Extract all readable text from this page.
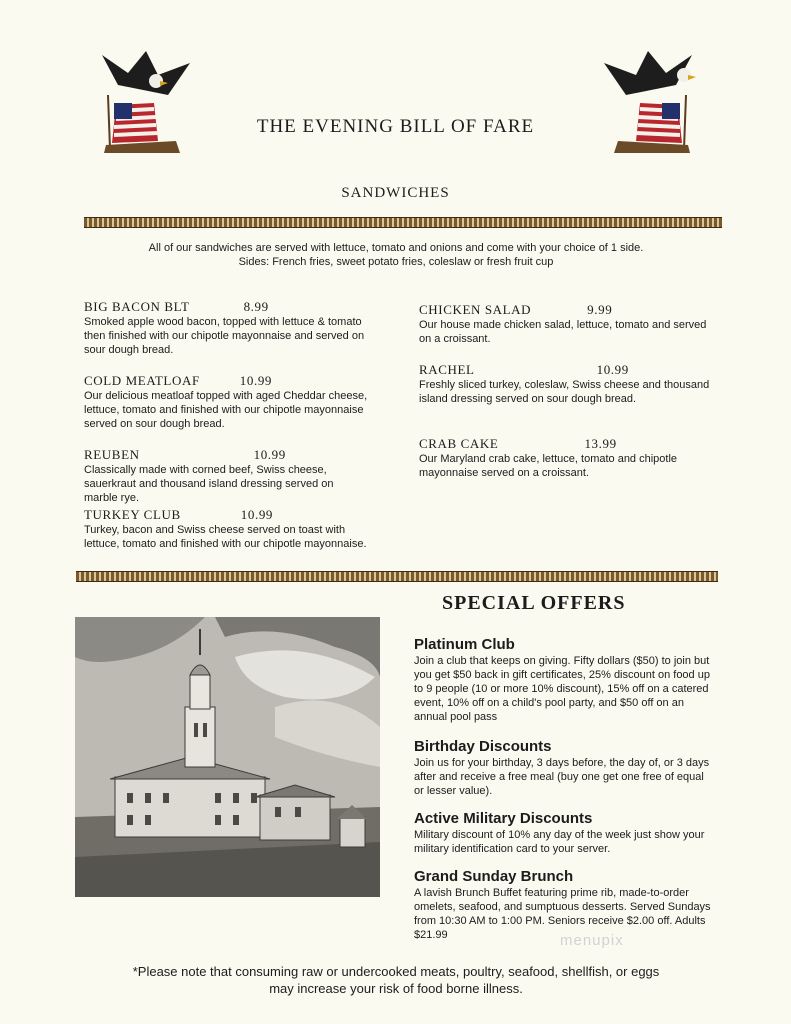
THE EVENING BILL OF FARE
SANDWICHES
All of our sandwiches are served with lettuce, tomato and onions and come with your choice of 1 side.
Sides: French fries, sweet potato fries, coleslaw or fresh fruit cup
BIG BACON BLT	8.99
Smoked apple wood bacon, topped with lettuce & tomato then finished with our chipotle mayonnaise and served on sour dough bread.
COLD MEATLOAF	10.99
Our delicious meatloaf topped with aged Cheddar cheese, lettuce, tomato and finished with our chipotle mayonnaise served on sour dough bread.
REUBEN	10.99
Classically made with corned beef, Swiss cheese, sauerkraut and thousand island dressing served on marble rye.
TURKEY CLUB	10.99
Turkey, bacon and Swiss cheese served on toast with lettuce, tomato and finished with our chipotle mayonnaise.
CHICKEN SALAD	9.99
Our house made chicken salad, lettuce, tomato and served on a croissant.
RACHEL	10.99
Freshly sliced turkey, coleslaw, Swiss cheese and thousand island dressing served on sour dough bread.
CRAB CAKE	13.99
Our Maryland crab cake, lettuce, tomato and chipotle mayonnaise served on a croissant.
SPECIAL OFFERS
Platinum Club
Join a club that keeps on giving. Fifty dollars ($50) to join but you get $50 back in gift certificates, 25% discount on food up to 9 people (10 or more 10% discount), 15% off on a catered event, 10% off on a child's pool party, and $50 off on an annual pool pass
Birthday Discounts
Join us for your birthday, 3 days before, the day of, or 3 days after and receive a free meal (buy one get one free of equal or lesser value).
Active Military Discounts
Military discount of 10% any day of the week just show your military identification card to your server.
Grand Sunday Brunch
A lavish Brunch Buffet featuring prime rib, made-to-order omelets, seafood, and sumptuous desserts. Served Sundays from 10:30 AM to 1:00 PM. Seniors receive $2.00 off. Adults $21.99	menupix
*Please note that consuming raw or undercooked meats, poultry, seafood, shellfish, or eggs
may increase your risk of food borne illness.
